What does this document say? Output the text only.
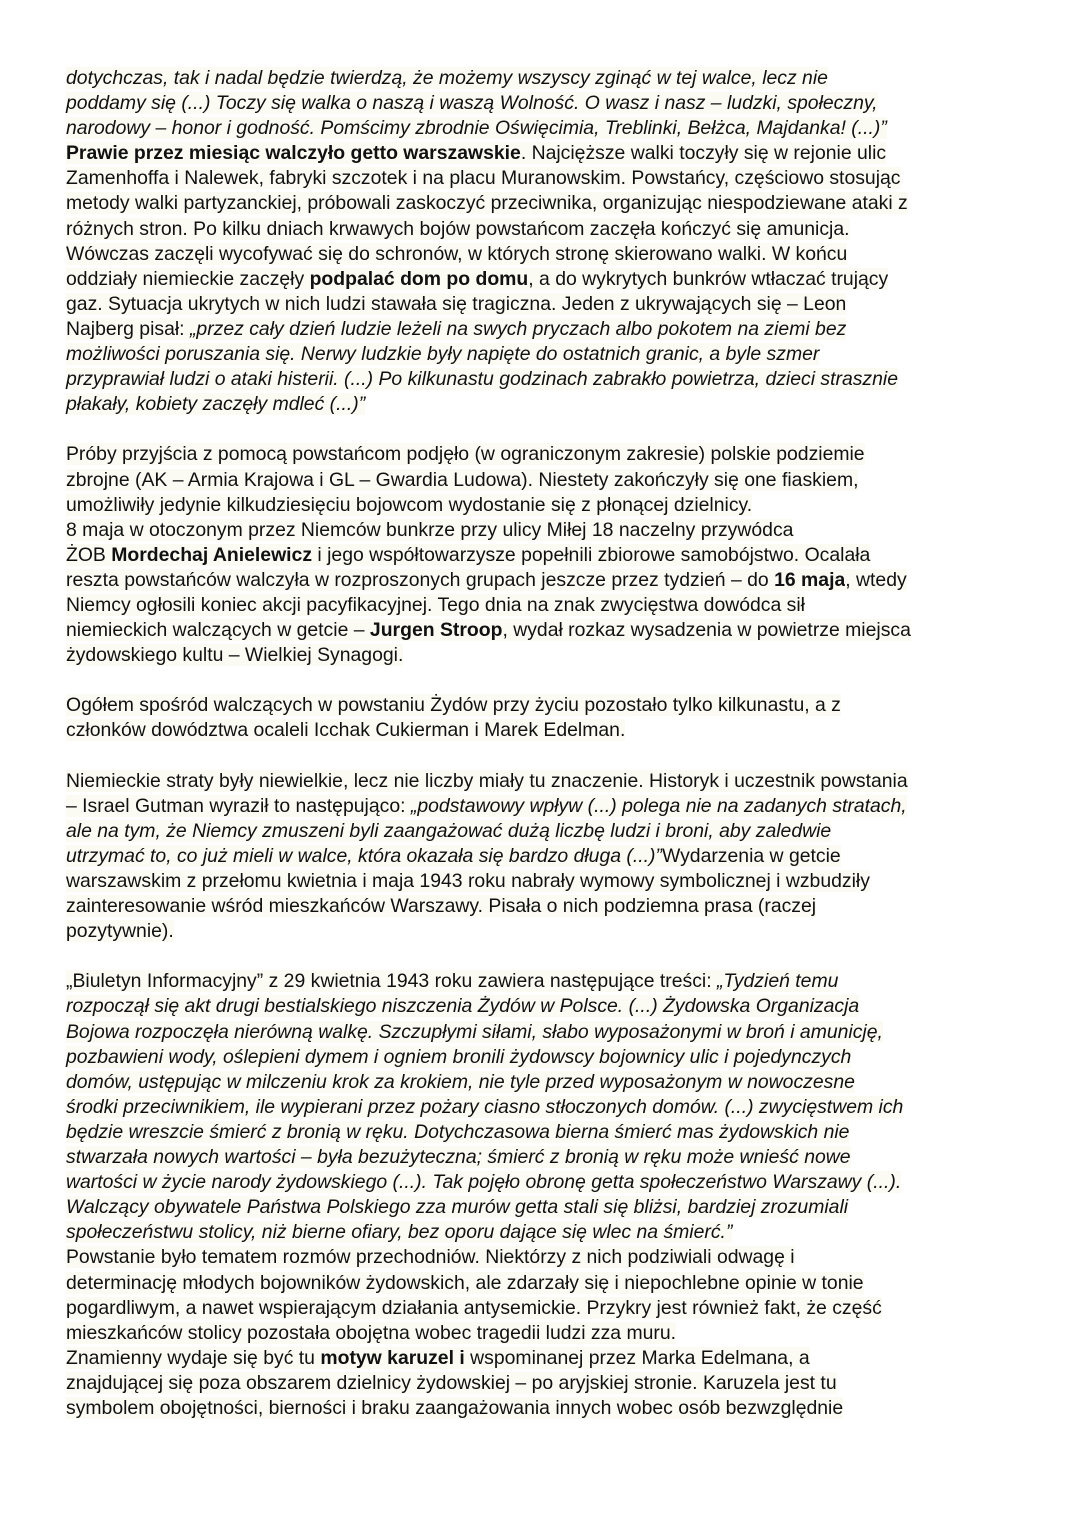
dotychczas, tak i nadal będzie twierdzą, że możemy wszyscy zginąć w tej walce, lecz nie
poddamy się (...) Toczy się walka o naszą i waszą Wolność. O wasz i nasz – ludzki, społeczny,
narodowy – honor i godność. Pomścimy zbrodnie Oświęcimia, Treblinki, Bełżca, Majdanka! (...)”
Prawie przez miesiąc walczyło getto warszawskie. Najcięższe walki toczyły się w rejonie ulic
Zamenhoffa i Nalewek, fabryki szczotek i na placu Muranowskim. Powstańcy, częściowo stosując
metody walki partyzanckiej, próbowali zaskoczyć przeciwnika, organizując niespodziewane ataki z
różnych stron. Po kilku dniach krwawych bojów powstańcom zaczęła kończyć się amunicja.
Wówczas zaczęli wycofywać się do schronów, w których stronę skierowano walki. W końcu
oddziały niemieckie zaczęły podpalać dom po domu, a do wykrytych bunkrów wtłaczać trujący
gaz. Sytuacja ukrytych w nich ludzi stawała się tragiczna. Jeden z ukrywających się – Leon
Najberg pisał: „przez cały dzień ludzie leżeli na swych pryczach albo pokotem na ziemi bez
możliwości poruszania się. Nerwy ludzkie były napięte do ostatnich granic, a byle szmer
przyprawiał ludzi o ataki histerii. (...) Po kilkunastu godzinach zabrakło powietrza, dzieci strasznie
płakały, kobiety zaczęły mdleć (...)”
Próby przyjścia z pomocą powstańcom podjęło (w ograniczonym zakresie) polskie podziemie
zbrojne (AK – Armia Krajowa i GL – Gwardia Ludowa). Niestety zakończyły się one fiaskiem,
umożliwiły jedynie kilkudziesięciu bojowcom wydostanie się z płonącej dzielnicy.
8 maja w otoczonym przez Niemców bunkrze przy ulicy Miłej 18 naczelny przywódca
ŻOB Mordechaj Anielewicz i jego współtowarzysze popełnili zbiorowe samobójstwo. Ocalała
reszta powstańców walczyła w rozproszonych grupach jeszcze przez tydzień – do 16 maja, wtedy
Niemcy ogłosili koniec akcji pacyfikacyjnej. Tego dnia na znak zwycięstwa dowódca sił
niemieckich walczących w getcie – Jurgen Stroop, wydał rozkaz wysadzenia w powietrze miejsca
żydowskiego kultu – Wielkiej Synagogi.
Ogółem spośród walczących w powstaniu Żydów przy życiu pozostało tylko kilkunastu, a z
członków dowództwa ocaleli Icchak Cukierman i Marek Edelman.
Niemieckie straty były niewielkie, lecz nie liczby miały tu znaczenie. Historyk i uczestnik powstania
– Israel Gutman wyraził to następująco: „podstawowy wpływ (...) polega nie na zadanych stratach,
ale na tym, że Niemcy zmuszeni byli zaangażować dużą liczbę ludzi i broni, aby zaledwie
utrzymać to, co już mieli w walce, która okazała się bardzo długa (...)”Wydarzenia w getcie
warszawskim z przełomu kwietnia i maja 1943 roku nabrały wymowy symbolicznej i wzbudziły
zainteresowanie wśród mieszkańców Warszawy. Pisała o nich podziemna prasa (raczej
pozytywnie).
„Biuletyn Informacyjny” z 29 kwietnia 1943 roku zawiera następujące treści: „Tydzień temu
rozpoczął się akt drugi bestialskiego niszczenia Żydów w Polsce. (...) Żydowska Organizacja
Bojowa rozpoczęła nierówną walkę. Szczupłymi siłami, słabo wyposażonymi w broń i amunicję,
pozbawieni wody, oślepieni dymem i ogniem bronili żydowscy bojownicy ulic i pojedynczych
domów, ustępując w milczeniu krok za krokiem, nie tyle przed wyposażonym w nowoczesne
środki przeciwnikiem, ile wypierani przez pożary ciasno stłoczonych domów. (...) zwycięstwem ich
będzie wreszcie śmierć z bronią w ręku. Dotychczasowa bierna śmierć mas żydowskich nie
stwarzała nowych wartości – była bezużyteczna; śmierć z bronią w ręku może wnieść nowe
wartości w życie narody żydowskiego (...). Tak pojęło obronę getta społeczeństwo Warszawy (...).
Walczący obywatele Państwa Polskiego zza murów getta stali się bliżsi, bardziej zrozumiali
społeczeństwu stolicy, niż bierne ofiary, bez oporu dające się wlec na śmierć.”
Powstanie było tematem rozmów przechodniów. Niektórzy z nich podziwiali odwagę i
determinację młodych bojowników żydowskich, ale zdarzały się i niepochlebne opinie w tonie
pogardliwym, a nawet wspierającym działania antysemickie. Przykry jest również fakt, że część
mieszkańców stolicy pozostała obojętna wobec tragedii ludzi zza muru.
Znamienny wydaje się być tu motyw karuzel i wspominanej przez Marka Edelmana, a
znajdującej się poza obszarem dzielnicy żydowskiej – po aryjskiej stronie. Karuzela jest tu
symbolem obojętności, bierności i braku zaangażowania innych wobec osób bezwzględnie
